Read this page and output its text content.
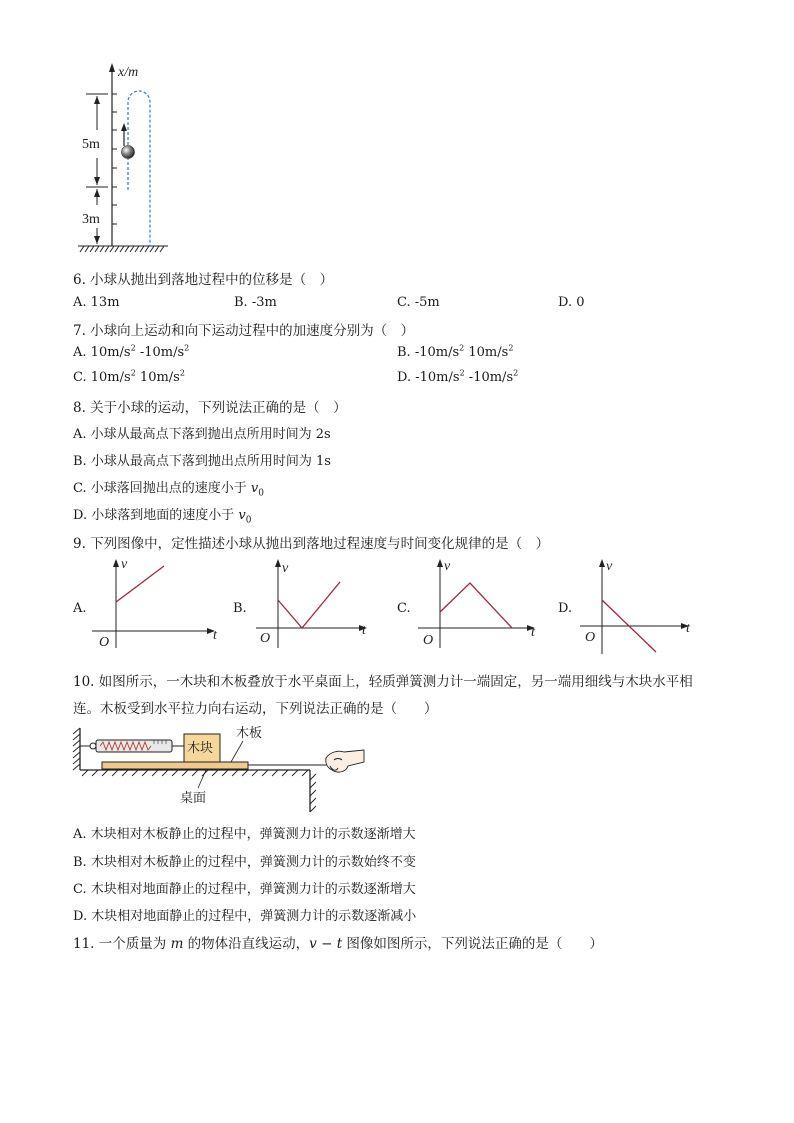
5m
3m
x/m
6. 小球从抛出到落地过程中的位移是（　）
A. 13m	B. -3m	C. -5m	D. 0
7. 小球向上运动和向下运动过程中的加速度分别为（　）
A. $10m/s^2$ $-10m/s^2$	B. $-10m/s^2$ $10m/s^2$
C. $10m/s^2$ $10m/s^2$	D. $-10m/s^2$ $-10m/s^2$
8. 关于小球的运动，下列说法正确的是（　）
A. 小球从最高点下落到抛出点所用时间为 2s
B. 小球从最高点下落到抛出点所用时间为 1s
C. 小球落回抛出点的速度小于 $v_0$
D. 小球落到地面的速度小于 $v_0$
9. 下列图像中，定性描述小球从抛出到落地过程速度与时间变化规律的是（　）
A.	B.	C.	D.
v
t
O
v
t
O
v
t
O
v
t
O
10. 如图所示，一木块和木板叠放于水平桌面上，轻质弹簧测力计一端固定，另一端用细线与木块水平相
连。木板受到水平拉力向右运动，下列说法正确的是（　　）
木块
木板
桌面
A. 木块相对木板静止的过程中，弹簧测力计的示数逐渐增大
B. 木块相对木板静止的过程中，弹簧测力计的示数始终不变
C. 木块相对地面静止的过程中，弹簧测力计的示数逐渐增大
D. 木块相对地面静止的过程中，弹簧测力计的示数逐渐减小
11. 一个质量为 m 的物体沿直线运动，v − t 图像如图所示，下列说法正确的是（　　）
